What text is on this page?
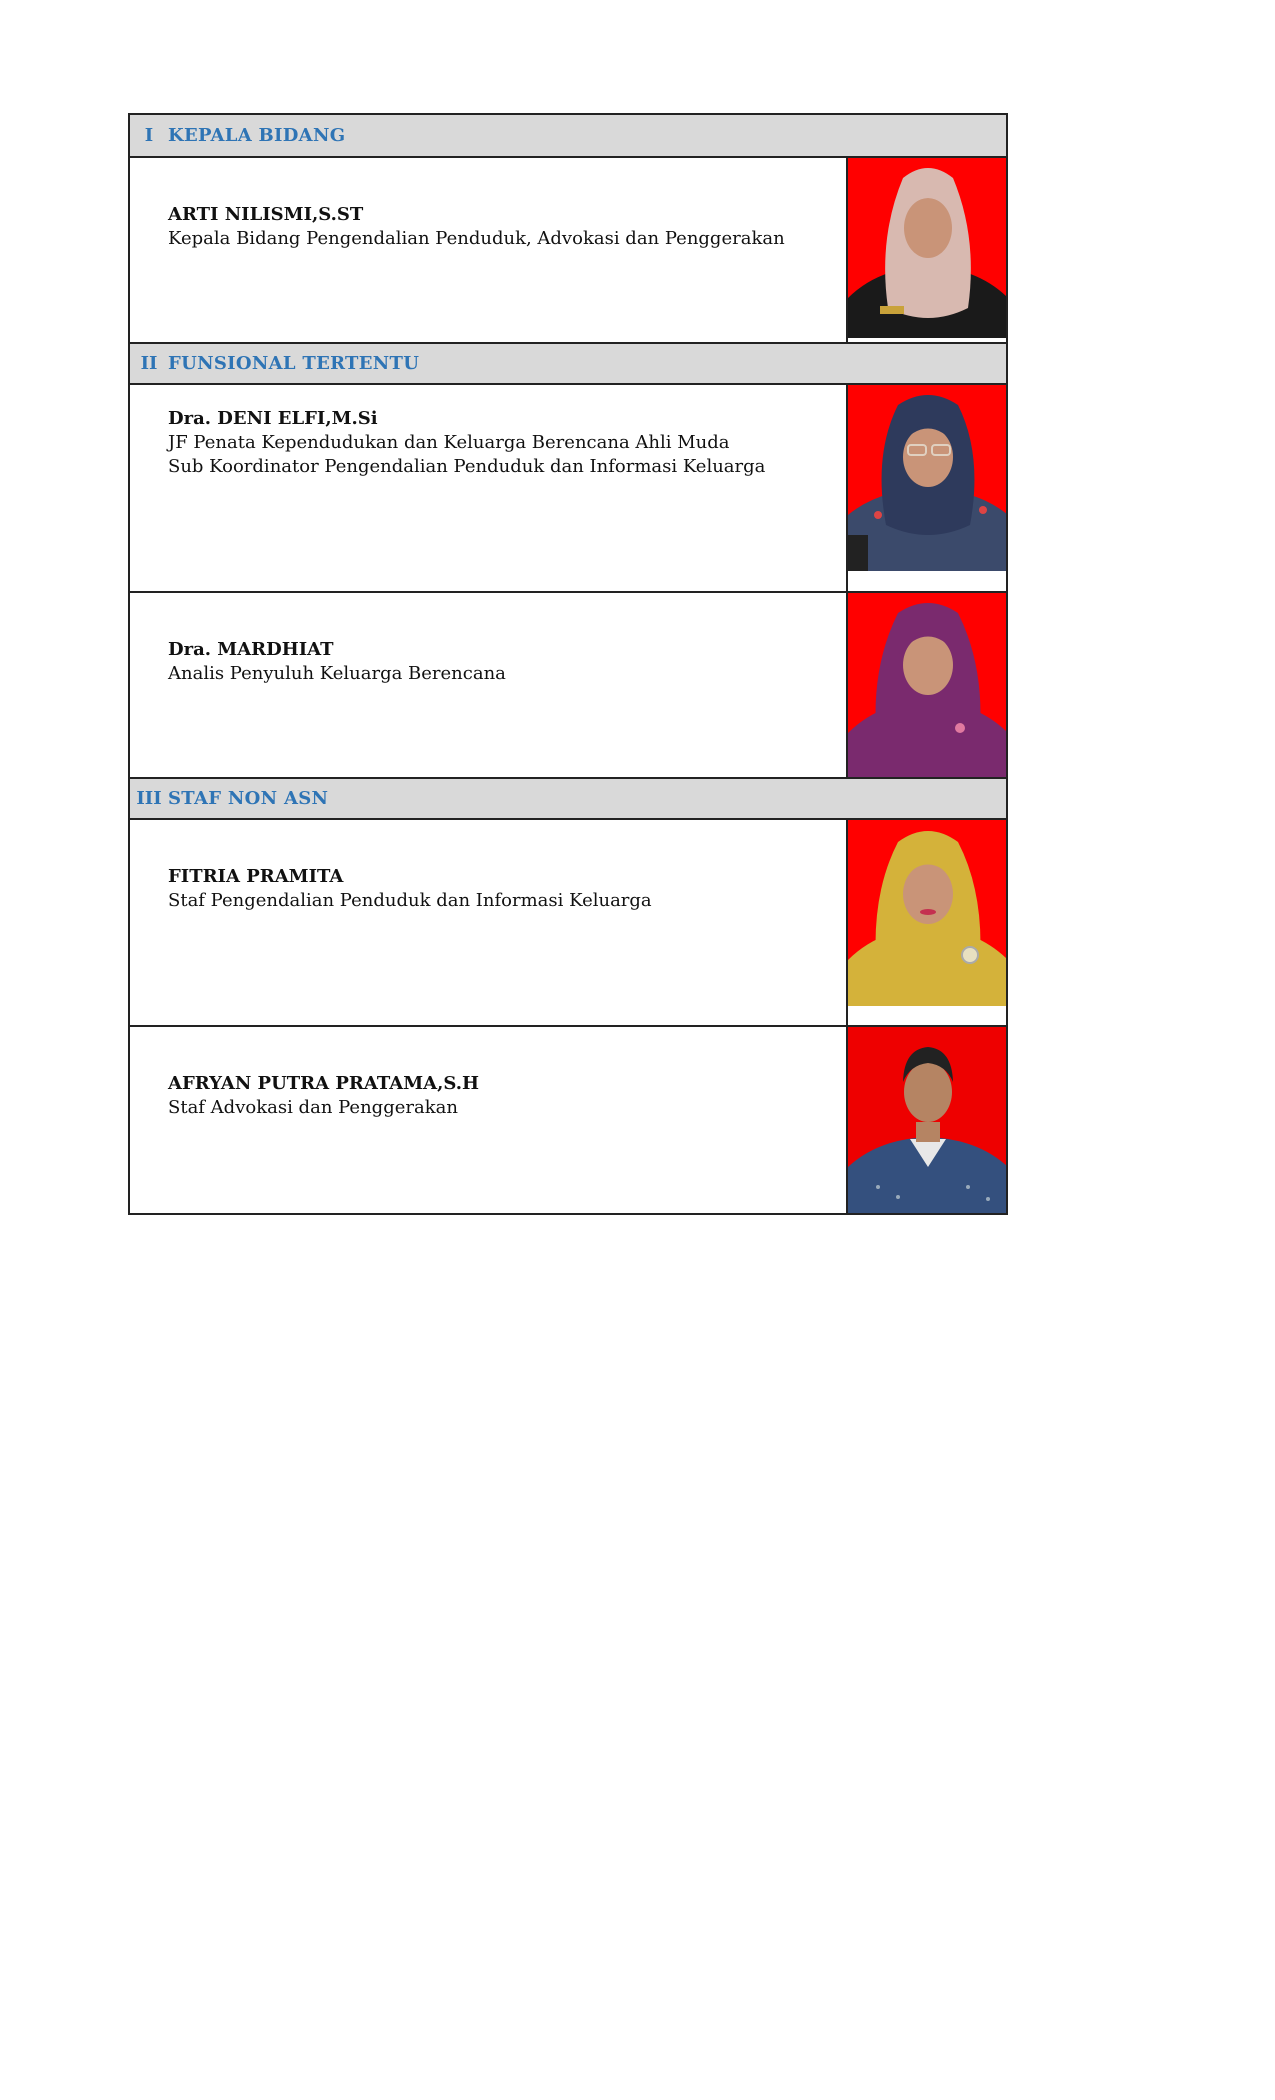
I KEPALA BIDANG
ARTI NILISMI,S.ST
Kepala Bidang Pengendalian Penduduk, Advokasi dan Penggerakan
II FUNSIONAL TERTENTU
Dra. DENI ELFI,M.Si
JF Penata Kependudukan dan Keluarga Berencana Ahli Muda
Sub Koordinator Pengendalian Penduduk dan Informasi Keluarga
Dra. MARDHIAT
Analis Penyuluh Keluarga Berencana
III STAF NON ASN
FITRIA PRAMITA
Staf Pengendalian Penduduk dan Informasi Keluarga
AFRYAN PUTRA PRATAMA,S.H
Staf Advokasi dan Penggerakan
